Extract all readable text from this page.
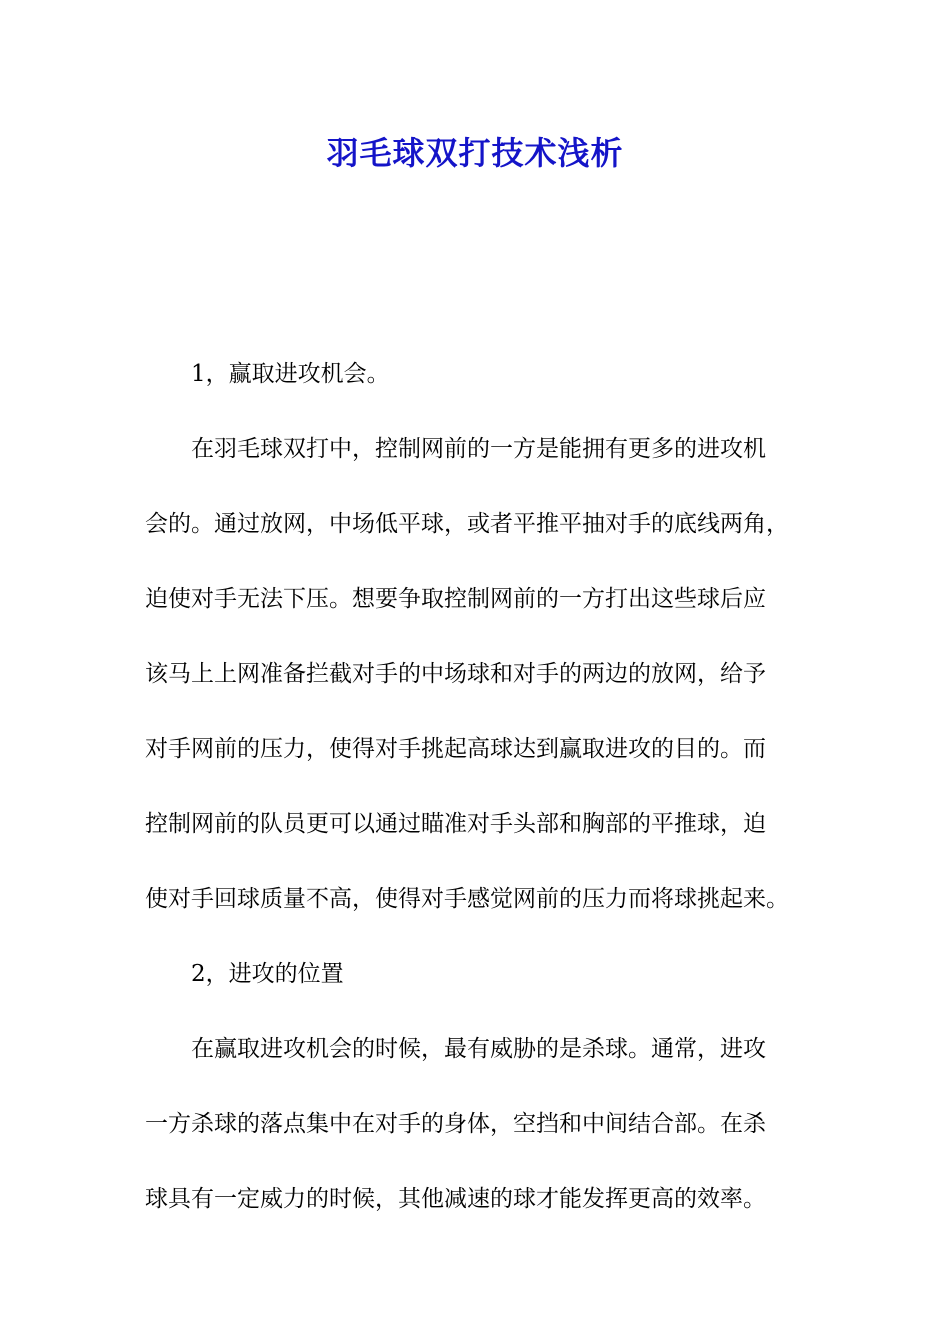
羽毛球双打技术浅析
1，赢取进攻机会。
在羽毛球双打中，控制网前的一方是能拥有更多的进攻机
会的。通过放网，中场低平球，或者平推平抽对手的底线两角，
迫使对手无法下压。想要争取控制网前的一方打出这些球后应
该马上上网准备拦截对手的中场球和对手的两边的放网，给予
对手网前的压力，使得对手挑起高球达到赢取进攻的目的。而
控制网前的队员更可以通过瞄准对手头部和胸部的平推球，迫
使对手回球质量不高，使得对手感觉网前的压力而将球挑起来。
2，进攻的位置
在赢取进攻机会的时候，最有威胁的是杀球。通常，进攻
一方杀球的落点集中在对手的身体，空挡和中间结合部。在杀
球具有一定威力的时候，其他减速的球才能发挥更高的效率。
